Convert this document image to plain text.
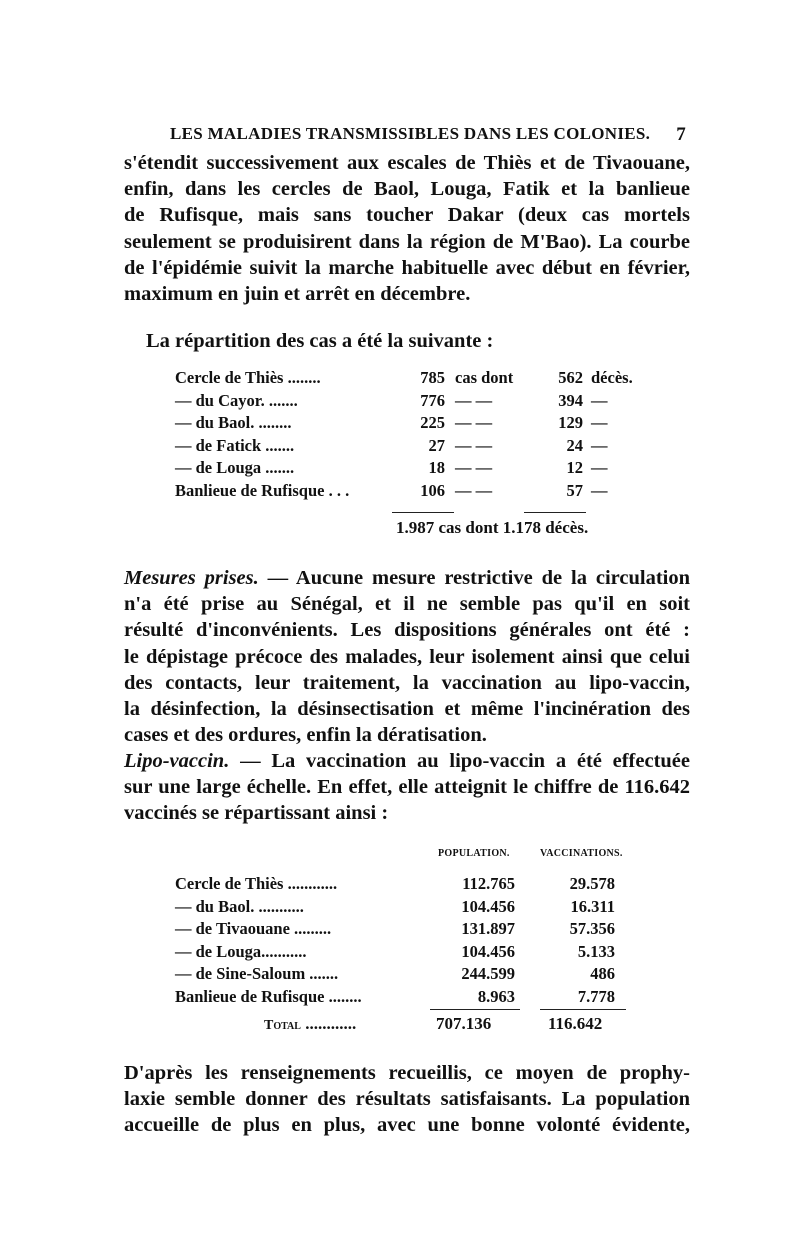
LES MALADIES TRANSMISSIBLES DANS LES COLONIES. 7
s'étendit successivement aux escales de Thiès et de Tivaouane,
enfin, dans les cercles de Baol, Louga, Fatik et la banlieue
de Rufisque, mais sans toucher Dakar (deux cas mortels
seulement se produisirent dans la région de M'Bao). La courbe
de l'épidémie suivit la marche habituelle avec début en février,
maximum en juin et arrêt en décembre.
La répartition des cas a été la suivante :
Cercle de Thiès ........	785	cas dont	562	décès.
— du Cayor. .......	776	— —	394	—
— du Baol. ........	225	— —	129	—
— de Fatick .......	27	— —	24	—
— de Louga .......	18	— —	12	—
Banlieue de Rufisque . . .	106	— —	57	—
1.987 cas dont 1.178 décès.
Mesures prises. — Aucune mesure restrictive de la circulation
n'a été prise au Sénégal, et il ne semble pas qu'il en soit
résulté d'inconvénients. Les dispositions générales ont été :
le dépistage précoce des malades, leur isolement ainsi que celui
des contacts, leur traitement, la vaccination au lipo-vaccin,
la désinfection, la désinsectisation et même l'incinération des
cases et des ordures, enfin la dératisation.
Lipo-vaccin. — La vaccination au lipo-vaccin a été effectuée
sur une large échelle. En effet, elle atteignit le chiffre de 116.642
vaccinés se répartissant ainsi :
POPULATION.	VACCINATIONS.
Cercle de Thiès ............	112.765	29.578
— du Baol. ...........	104.456	16.311
— de Tivaouane .........	131.897	57.356
— de Louga...........	104.456	5.133
— de Sine-Saloum .......	244.599	486
Banlieue de Rufisque ........	8.963	7.778
Total ............	707.136	116.642
D'après les renseignements recueillis, ce moyen de prophy-
laxie semble donner des résultats satisfaisants. La population
accueille de plus en plus, avec une bonne volonté évidente,
